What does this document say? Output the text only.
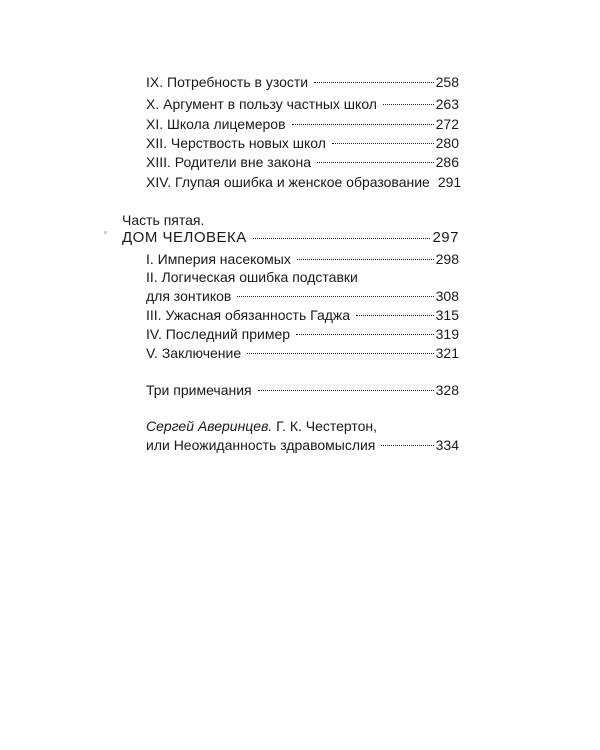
IX. Потребность в узости	258
X. Аргумент в пользу частных школ	263
XI. Школа лицемеров	272
XII. Черствость новых школ	280
XIII. Родители вне закона	286
XIV. Глупая ошибка и женское образование 291
Часть пятая.
ДОМ ЧЕЛОВЕКА	297
I. Империя насекомых	298
II. Логическая ошибка подставки
для зонтиков	308
III. Ужасная обязанность Гаджа	315
IV. Последний пример	319
V. Заключение	321
Три примечания	328
Сергей Аверинцев. Г. К. Честертон,
или Неожиданность здравомыслия	334
